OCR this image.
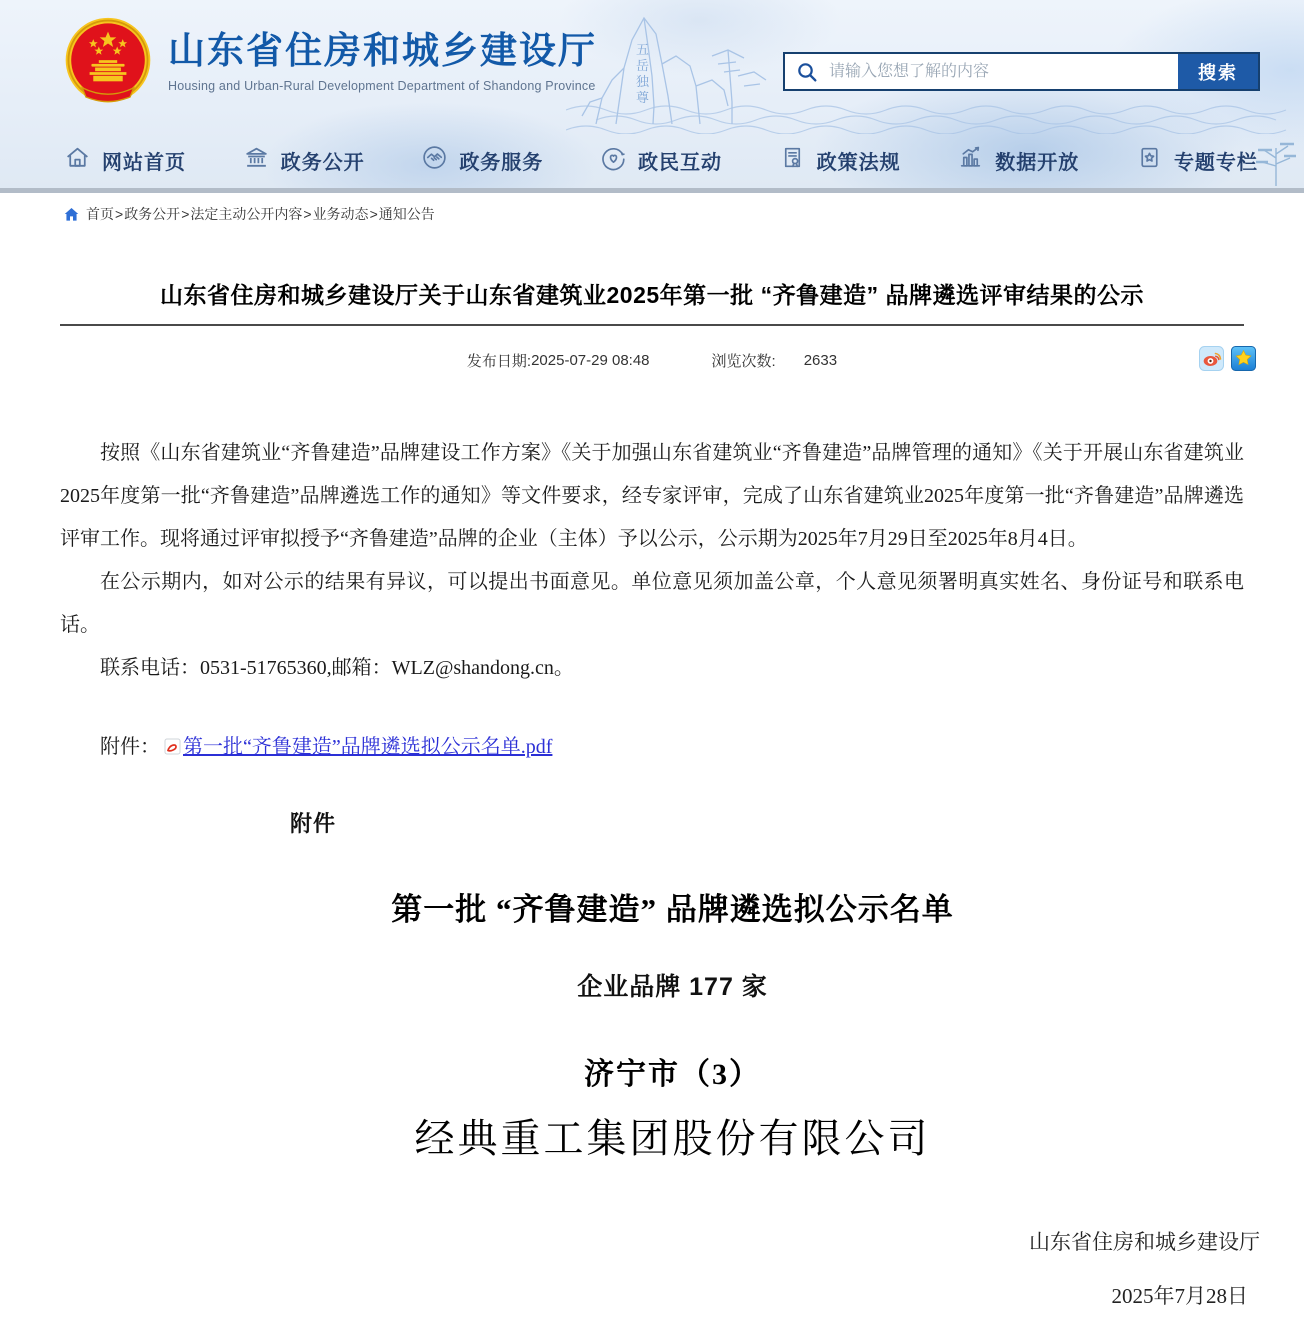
五
岳
独
尊
山东省住房和城乡建设厅
Housing and Urban-Rural Development Department of Shandong Province
请输入您想了解的内容
搜索
网站首页	政务公开	政务服务	政民互动	政策法规	数据开放	专题专栏
首页 > 政务公开 > 法定主动公开内容 > 业务动态 > 通知公告
山东省住房和城乡建设厅关于山东省建筑业2025年第一批 “齐鲁建造” 品牌遴选评审结果的公示
发布日期: 2025-07-29 08:48	浏览次数: 2633

按照《山东省建筑业“齐鲁建造”品牌建设工作方案》《关于加强山东省建筑业“齐鲁建造”品牌管理的通知》《关于开展山东省建筑业2025年度第一批“齐鲁建造”品牌遴选工作的通知》等文件要求，经专家评审，完成了山东省建筑业2025年度第一批“齐鲁建造”品牌遴选评审工作。现将通过评审拟授予“齐鲁建造”品牌的企业（主体）予以公示，公示期为2025年7月29日至2025年8月4日。

在公示期内，如对公示的结果有异议，可以提出书面意见。单位意见须加盖公章，个人意见须署明真实姓名、身份证号和联系电话。

联系电话：0531-51765360,邮箱：WLZ@shandong.cn。

附件： 第一批“齐鲁建造”品牌遴选拟公示名单.pdf
附件
第一批 “齐鲁建造” 品牌遴选拟公示名单
企业品牌 177 家
济宁市（3）
经典重工集团股份有限公司
山东省住房和城乡建设厅
2025年7月28日
